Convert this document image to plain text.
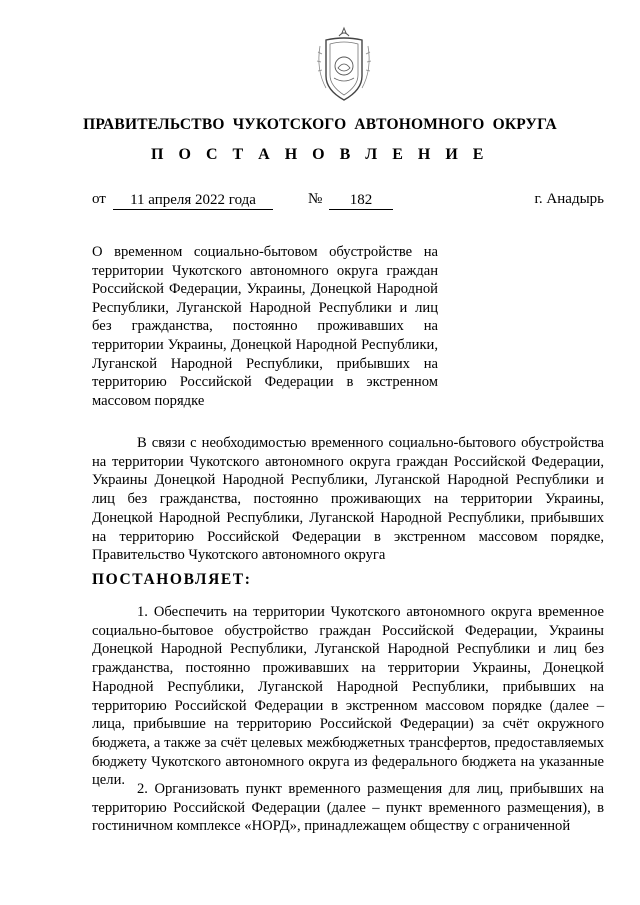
ПРАВИТЕЛЬСТВО ЧУКОТСКОГО АВТОНОМНОГО ОКРУГА
П О С Т А Н О В Л Е Н И Е
от	11 апреля 2022 года	№	182	г. Анадырь
О временном социально-бытовом обустройстве на территории Чукотского автономного округа граждан Российской Федерации, Украины, Донецкой Народной Республики, Луганской Народной Республики и лиц без гражданства, постоянно проживавших на территории Украины, Донецкой Народной Республики, Луганской Народной Республики, прибывших на территорию Российской Федерации в экстренном массовом порядке
В связи с необходимостью временного социально-бытового обустройства на территории Чукотского автономного округа граждан Российской Федерации, Украины Донецкой Народной Республики, Луганской Народной Республики и лиц без гражданства, постоянно проживающих на территории Украины, Донецкой Народной Республики, Луганской Народной Республики, прибывших на территорию Российской Федерации в экстренном массовом порядке, Правительство Чукотского автономного округа
ПОСТАНОВЛЯЕТ:
1. Обеспечить на территории Чукотского автономного округа временное социально-бытовое обустройство граждан Российской Федерации, Украины Донецкой Народной Республики, Луганской Народной Республики и лиц без гражданства, постоянно проживавших на территории Украины, Донецкой Народной Республики, Луганской Народной Республики, прибывших на территорию Российской Федерации в экстренном массовом порядке (далее – лица, прибывшие на территорию Российской Федерации) за счёт окружного бюджета, а также за счёт целевых межбюджетных трансфертов, предоставляемых бюджету Чукотского автономного округа из федерального бюджета на указанные цели.
2. Организовать пункт временного размещения для лиц, прибывших на территорию Российской Федерации (далее – пункт временного размещения), в гостиничном комплексе «НОРД», принадлежащем обществу с ограниченной
